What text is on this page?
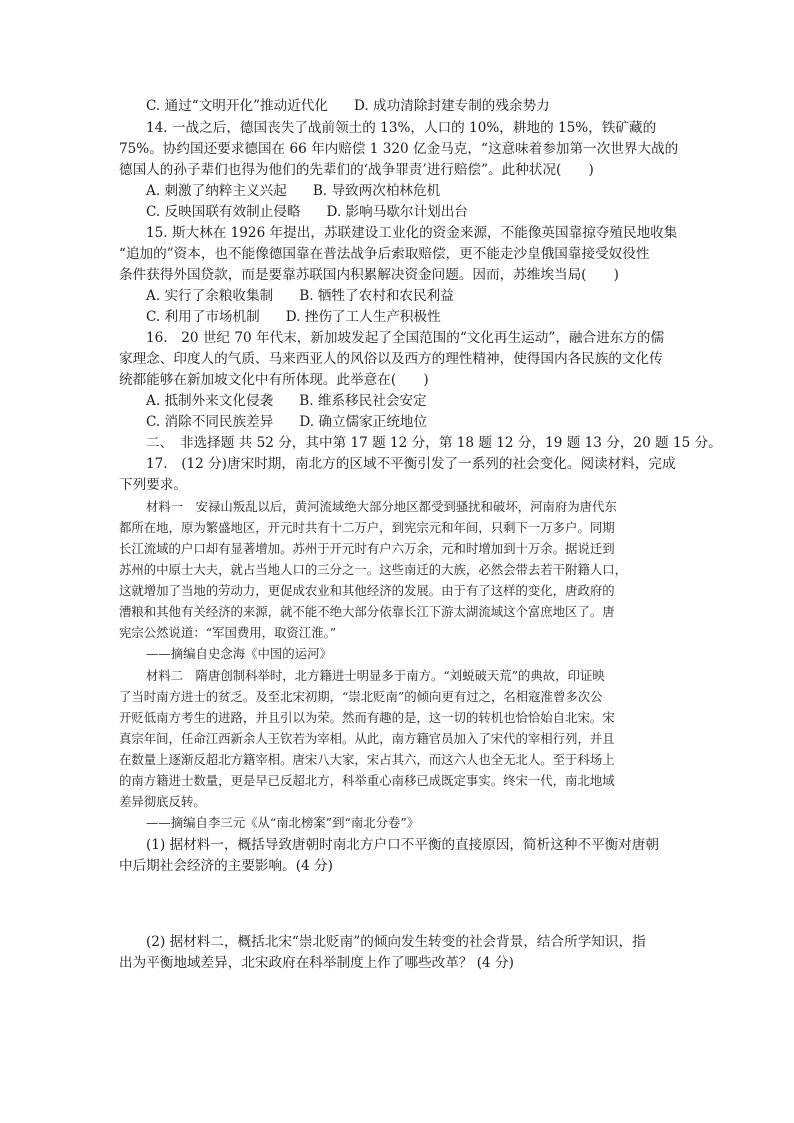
C. 通过“文明开化”推动近代化 D. 成功清除封建专制的残余势力
14. 一战之后，德国丧失了战前领土的 13%，人口的 10%，耕地的 15%，铁矿藏的
75%。协约国还要求德国在 66 年内赔偿 1 320 亿金马克，“这意味着参加第一次世界大战的
德国人的孙子辈们也得为他们的先辈们的‘战争罪责’进行赔偿”。此种状况(　　)
A. 刺激了纳粹主义兴起 B. 导致两次柏林危机
C. 反映国联有效制止侵略 D. 影响马歇尔计划出台
15. 斯大林在 1926 年提出，苏联建设工业化的资金来源，不能像英国靠掠夺殖民地收集
“追加的”资本，也不能像德国靠在普法战争后索取赔偿，更不能走沙皇俄国靠接受奴役性
条件获得外国贷款，而是要靠苏联国内积累解决资金问题。因而，苏维埃当局(　　)
A. 实行了余粮收集制 B. 牺牲了农村和农民利益
C. 利用了市场机制 D. 挫伤了工人生产积极性
16.　20 世纪 70 年代末，新加坡发起了全国范围的“文化再生运动”，融合进东方的儒
家理念、印度人的气质、马来西亚人的风俗以及西方的理性精神，使得国内各民族的文化传
统都能够在新加坡文化中有所体现。此举意在(　　)
A. 抵制外来文化侵袭 B. 维系移民社会安定
C. 消除不同民族差异 D. 确立儒家正统地位
二、　非选择题 共 52 分，其中第 17 题 12 分，第 18 题 12 分，19 题 13 分，20 题 15 分。
17.　(12 分)唐宋时期，南北方的区域不平衡引发了一系列的社会变化。阅读材料，完成
下列要求。
材料一　安禄山叛乱以后，黄河流域绝大部分地区都受到骚扰和破坏，河南府为唐代东
都所在地，原为繁盛地区，开元时共有十二万户，到宪宗元和年间，只剩下一万多户。同期
长江流域的户口却有显著增加。苏州于开元时有户六万余，元和时增加到十万余。据说迁到
苏州的中原士大夫，就占当地人口的三分之一。这些南迁的大族，必然会带去若干附籍人口，
这就增加了当地的劳动力，更促成农业和其他经济的发展。由于有了这样的变化，唐政府的
漕粮和其他有关经济的来源，就不能不绝大部分依靠长江下游太湖流域这个富庶地区了。唐
宪宗公然说道：“军国费用，取资江淮。”
——摘编自史念海《中国的运河》
材料二　隋唐创制科举时，北方籍进士明显多于南方。“刘蜕破天荒”的典故，印证映
了当时南方进士的贫乏。及至北宋初期，“崇北贬南”的倾向更有过之，名相寇准曾多次公
开贬低南方考生的进路，并且引以为荣。然而有趣的是，这一切的转机也恰恰始自北宋。宋
真宗年间，任命江西新余人王钦若为宰相。从此，南方籍官员加入了宋代的宰相行列，并且
在数量上逐渐反超北方籍宰相。唐宋八大家，宋占其六，而这六人也全无北人。至于科场上
的南方籍进士数量，更是早已反超北方，科举重心南移已成既定事实。终宋一代，南北地域
差异彻底反转。
——摘编自李三元《从“南北榜案”到“南北分卷”》
(1) 据材料一，概括导致唐朝时南北方户口不平衡的直接原因，简析这种不平衡对唐朝
中后期社会经济的主要影响。(4 分)
(2) 据材料二，概括北宋“崇北贬南”的倾向发生转变的社会背景，结合所学知识，指
出为平衡地域差异，北宋政府在科举制度上作了哪些改革？ (4 分)
